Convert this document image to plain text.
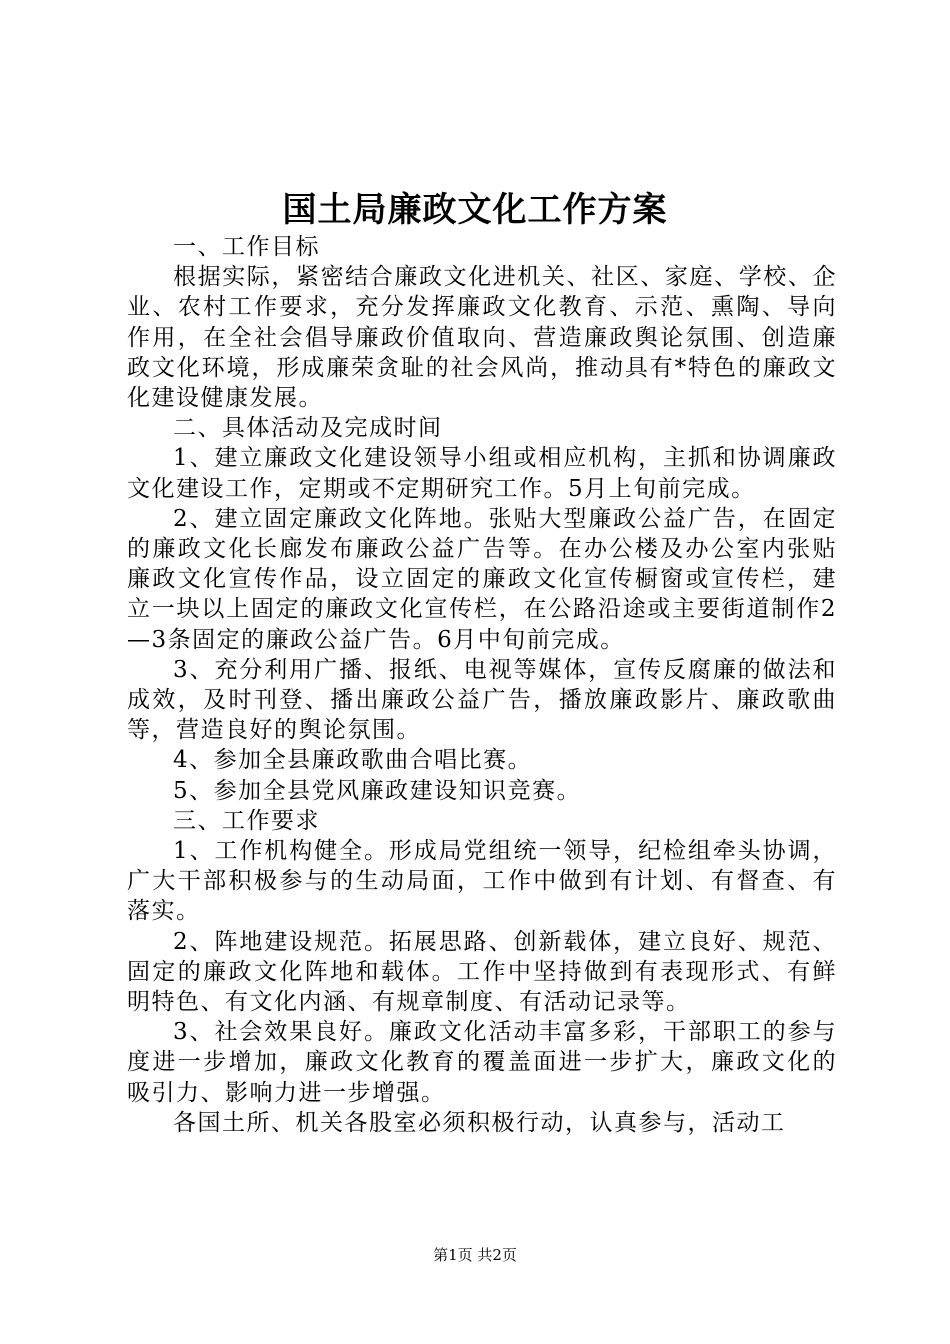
国土局廉政文化工作方案

一、工作目标

根据实际，紧密结合廉政文化进机关、社区、家庭、学校、企业、农村工作要求，充分发挥廉政文化教育、示范、熏陶、导向作用，在全社会倡导廉政价值取向、营造廉政舆论氛围、创造廉政文化环境，形成廉荣贪耻的社会风尚，推动具有*特色的廉政文化建设健康发展。

二、具体活动及完成时间

1、建立廉政文化建设领导小组或相应机构，主抓和协调廉政文化建设工作，定期或不定期研究工作。5月上旬前完成。

2、建立固定廉政文化阵地。张贴大型廉政公益广告，在固定的廉政文化长廊发布廉政公益广告等。在办公楼及办公室内张贴廉政文化宣传作品，设立固定的廉政文化宣传橱窗或宣传栏，建立一块以上固定的廉政文化宣传栏，在公路沿途或主要街道制作2—3条固定的廉政公益广告。6月中旬前完成。

3、充分利用广播、报纸、电视等媒体，宣传反腐廉的做法和成效，及时刊登、播出廉政公益广告，播放廉政影片、廉政歌曲等，营造良好的舆论氛围。

4、参加全县廉政歌曲合唱比赛。

5、参加全县党风廉政建设知识竞赛。

三、工作要求

1、工作机构健全。形成局党组统一领导，纪检组牵头协调，广大干部积极参与的生动局面，工作中做到有计划、有督查、有落实。

2、阵地建设规范。拓展思路、创新载体，建立良好、规范、固定的廉政文化阵地和载体。工作中坚持做到有表现形式、有鲜明特色、有文化内涵、有规章制度、有活动记录等。

3、社会效果良好。廉政文化活动丰富多彩，干部职工的参与度进一步增加，廉政文化教育的覆盖面进一步扩大，廉政文化的吸引力、影响力进一步增强。

各国土所、机关各股室必须积极行动，认真参与，活动工

第1页 共2页
